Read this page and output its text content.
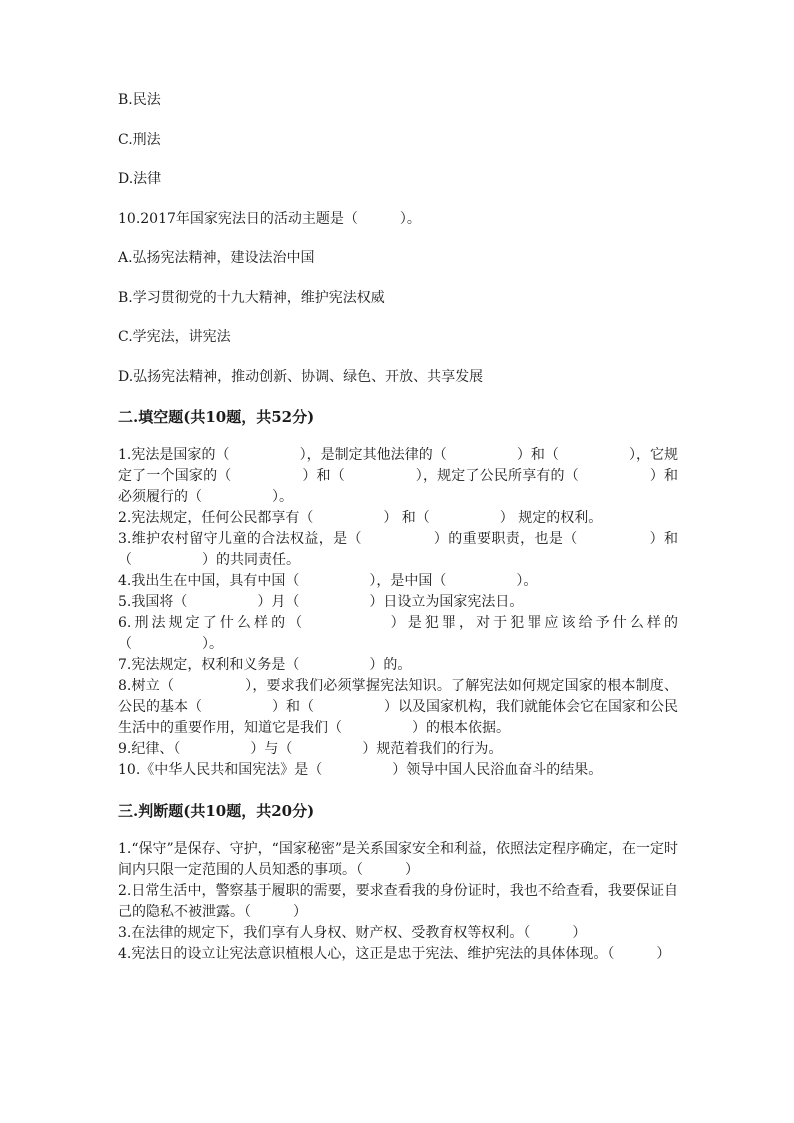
B.民法
C.刑法
D.法律
10.2017年国家宪法日的活动主题是（　　　）。
A.弘扬宪法精神，建设法治中国
B.学习贯彻党的十九大精神，维护宪法权威
C.学宪法，讲宪法
D.弘扬宪法精神，推动创新、协调、绿色、开放、共享发展
二.填空题(共10题，共52分)

1.宪法是国家的（　　　　　），是制定其他法律的（　　　　　）和（　　　　　），它规定了一个国家的（　　　　　）和（　　　　　），规定了公民所享有的（　　　　　）和必须履行的（　　　　　）。

2.宪法规定，任何公民都享有（　　　　　） 和（　　　　　） 规定的权利。

3.维护农村留守儿童的合法权益，是（　　　　　）的重要职责，也是（　　　　　）和（　　　　　）的共同责任。

4.我出生在中国，具有中国（　　　　　），是中国（　　　　　）。

5.我国将（　　　　　）月（　　　　　）日设立为国家宪法日。

6.刑法规定了什么样的（　　　　　）是犯罪，对于犯罪应该给予什么样的（　　　　　）。

7.宪法规定，权利和义务是（　　　　　）的。

8.树立（　　　　　），要求我们必须掌握宪法知识。了解宪法如何规定国家的根本制度、公民的基本（　　　　　）和（　　　　　）以及国家机构，我们就能体会它在国家和公民生活中的重要作用，知道它是我们（　　　　　）的根本依据。

9.纪律、（　　　　　）与（　　　　　）规范着我们的行为。

10.《中华人民共和国宪法》是（　　　　　）领导中国人民浴血奋斗的结果。

三.判断题(共10题，共20分)

1.“保守”是保存、守护，“国家秘密”是关系国家安全和利益，依照法定程序确定，在一定时间内只限一定范围的人员知悉的事项。（　　　）

2.日常生活中，警察基于履职的需要，要求查看我的身份证时，我也不给查看，我要保证自己的隐私不被泄露。（　　　）

3.在法律的规定下，我们享有人身权、财产权、受教育权等权利。（　　　）

4.宪法日的设立让宪法意识植根人心，这正是忠于宪法、维护宪法的具体体现。（　　　）
